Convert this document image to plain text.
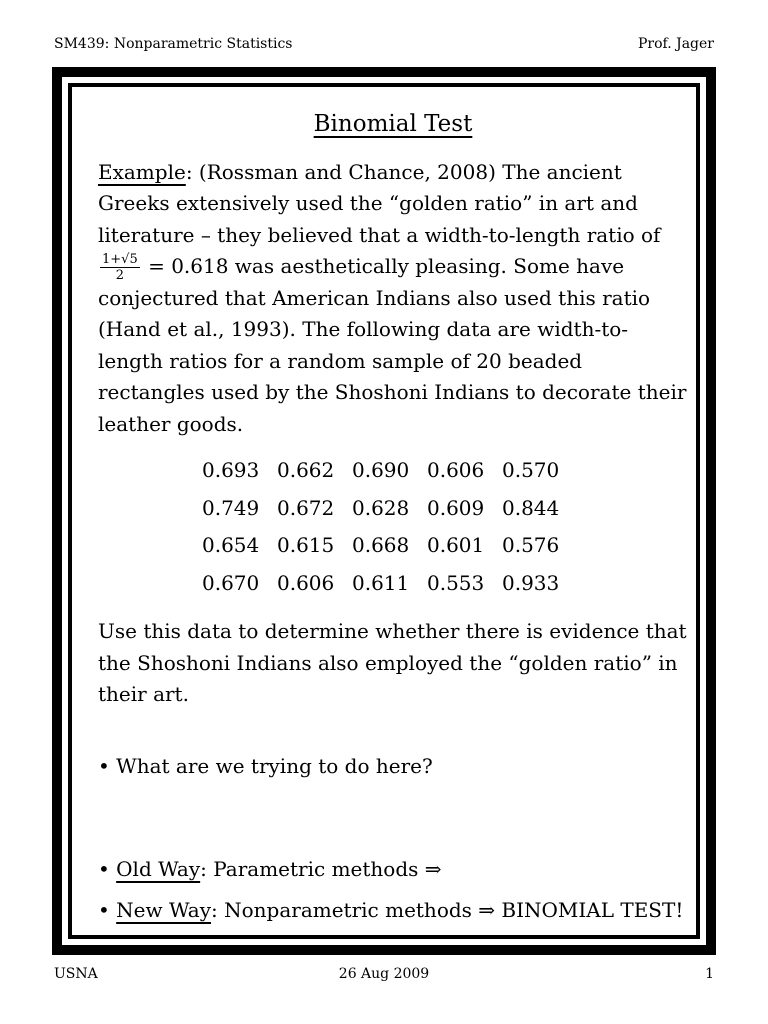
SM439: Nonparametric Statistics	Prof. Jager
Binomial Test

Example: (Rossman and Chance, 2008) The ancient Greeks extensively used the “golden ratio” in art and literature – they believed that a width-to-length ratio of
$\frac{1+√5}{2} = 0.618$ was aesthetically pleasing. Some have conjectured that American Indians also used this ratio (Hand et al., 1993). The following data are width-to-length ratios for a random sample of 20 beaded rectangles used by the Shoshoni Indians to decorate their leather goods.

0.693	0.662	0.690	0.606	0.570
0.749	0.672	0.628	0.609	0.844
0.654	0.615	0.668	0.601	0.576
0.670	0.606	0.611	0.553	0.933

Use this data to determine whether there is evidence that the Shoshoni Indians also employed the “golden ratio” in their art.

• What are we trying to do here?

• Old Way: Parametric methods ⇒

• New Way: Nonparametric methods ⇒ BINOMIAL TEST!

USNA	26 Aug 2009	1
